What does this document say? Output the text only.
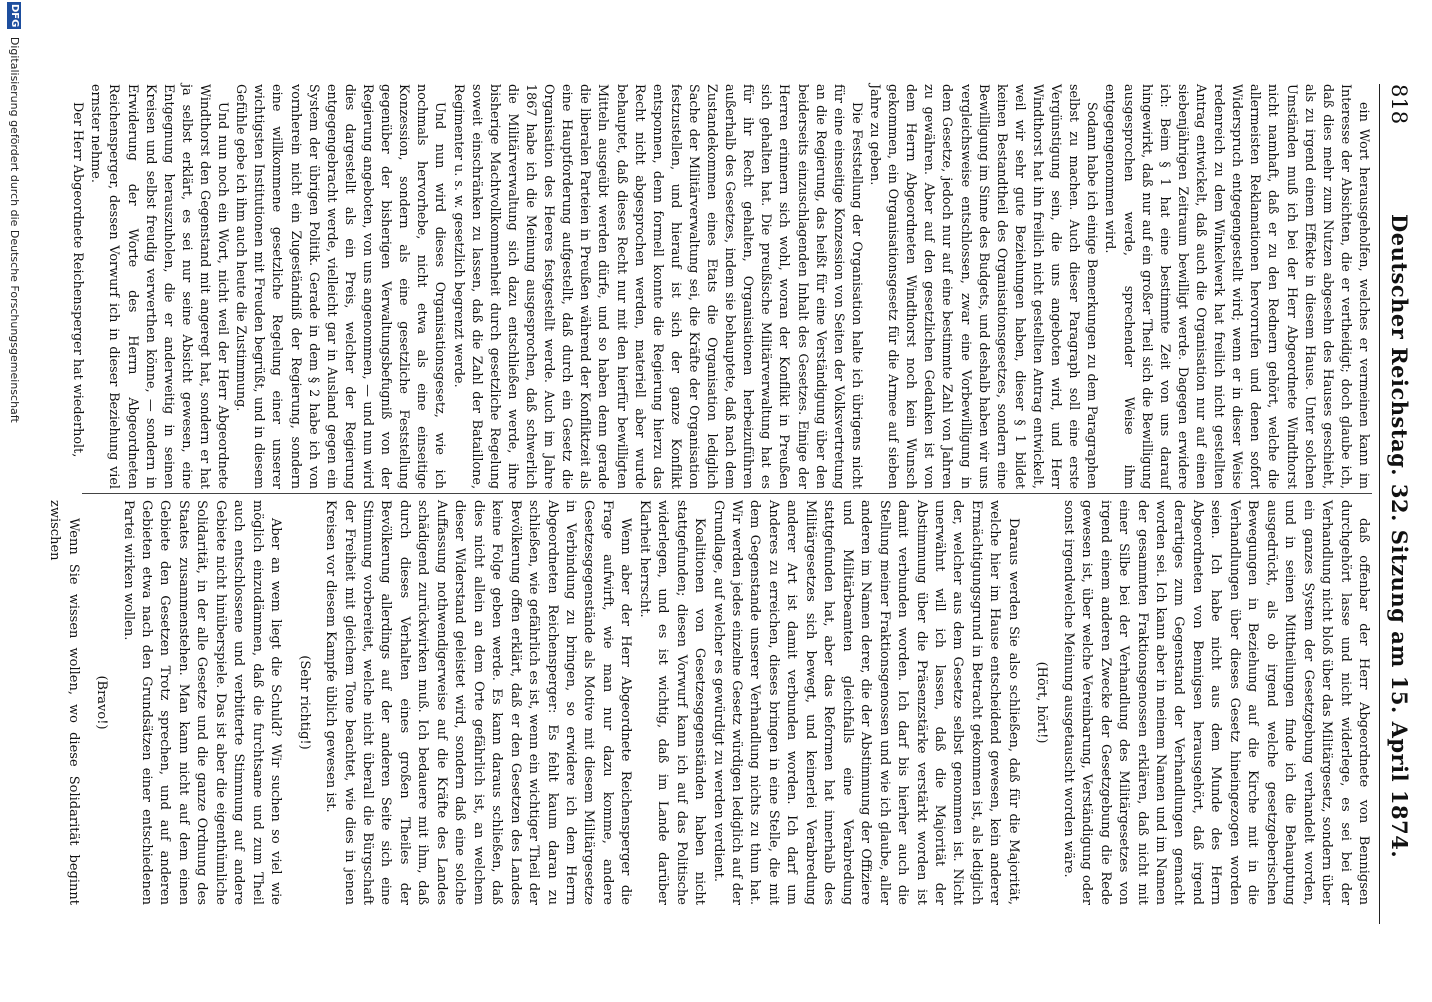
818
Deutscher Reichstag. 32. Sitzung am 15. April 1874.

ein Wort herausgeholfen, welches er vermeinen kann im Interesse der Absichten, die er vertheidigt; doch glaube ich, daß dies mehr zum Nutzen abgesehn des Hauses geschieht, als zu irgend einem Effekte in diesem Hause. Unter solchen Umständen muß ich bei der Herr Abgeordnete Windthorst nicht namhaft, daß er zu den Rednern gehört, welche die allermeisten Reklamationen hervorrufen und denen sofort Widerspruch entgegengestellt wird; wenn er in dieser Weise redenreich zu dem Winkelwerk hat freilich nicht gestellten Antrag entwickelt, daß auch die Organisation nur auf einen siebenjährigen Zeitraum bewilligt werde. Dagegen erwidere ich: Beim § 1 hat eine bestimmte Zeit von uns darauf hingewirkt, daß nur auf ein großer Theil sich die Bewilligung ausgesprochen werde, sprechender Weise ihm entgegengenommen wird.

Sodann habe ich einige Bemerkungen zu dem Paragraphen selbst zu machen. Auch dieser Paragraph soll eine erste Vergünstigung sein, die uns angeboten wird, und Herr Windthorst hat ihn freilich nicht gestellten Antrag entwickelt, weil wir sehr gute Beziehungen haben, dieser § 1 bildet keinen Bestandtheil des Organisationsgesetzes, sondern eine Bewilligung im Sinne des Budgets, und deshalb haben wir uns vergleichsweise entschlossen, zwar eine Vorbewilligung in dem Gesetze, jedoch nur auf eine bestimmte Zahl von Jahren zu gewähren. Aber auf den gesetzlichen Gedanken ist von dem Herrn Abgeordneten Windthorst noch kein Wunsch gekommen, ein Organisationsgesetz für die Armee auf sieben Jahre zu geben.

Die Feststellung der Organisation halte ich übrigens nicht für eine einseitige Konzession von Seiten der Volksvertretung an die Regierung, das heißt für eine Verständigung über den beiderseits einzuschlagenden Inhalt des Gesetzes. Einige der Herren erinnern sich wohl, woran der Konflikt in Preußen sich gehalten hat. Die preußische Militärverwaltung hat es für ihr Recht gehalten, Organisationen herbeizuführen außerhalb des Gesetzes, indem sie behauptete, daß nach dem Zustandekommen eines Etats die Organisation lediglich Sache der Militärverwaltung sei, die Kräfte der Organisation festzustellen, und hierauf ist sich der ganze Konflikt entsponnen, denn formell konnte die Regierung hierzu das Recht nicht abgesprochen werden, materiell aber wurde behauptet, daß dieses Recht nur mit den hierfür bewilligten Mitteln ausgeübt werden dürfe, und so haben denn gerade die liberalen Parteien in Preußen während der Konfliktzeit als eine Hauptforderung aufgestellt, daß durch ein Gesetz die Organisation des Heeres festgestellt werde. Auch im Jahre 1867 habe ich die Meinung ausgesprochen, daß schwerlich die Militärverwaltung sich dazu entschließen werde, ihre bisherige Machtvollkommenheit durch gesetzliche Regelung soweit einschränken zu lassen, daß die Zahl der Bataillone, Regimenter u. s. w. gesetzlich begrenzt werde.

Und nun wird dieses Organisationsgesetz, wie ich nochmals hervorhebe, nicht etwa als eine einseitige Konzession, sondern als eine gesetzliche Feststellung gegenüber der bisherigen Verwaltungsbefugniß von der Regierung angeboten, von uns angenommen, — und nun wird dies dargestellt als ein Preis, welcher der Regierung entgegengebracht werde, vielleicht gar in Ausland gegen ein System der übrigen Politik. Gerade in dem § 2 habe ich von vornherein nicht ein Zugeständniß der Regierung, sondern eine willkommene gesetzliche Regelung einer unserer wichtigsten Institutionen mit Freuden begrüßt, und in diesem Gefühle gebe ich ihm auch heute die Zustimmung.

Und nun noch ein Wort, nicht weil der Herr Abgeordnete Windthorst den Gegenstand mit angeregt hat, sondern er hat ja selbst erklärt, es sei nur seine Absicht gewesen, eine Entgegnung herauszuholen, die er anderweitig in seinen Kreisen und selbst freudig verwerthen könne, — sondern in Erwiderung der Worte des Herrn Abgeordneten Reichensperger, dessen Vorwurf ich in dieser Beziehung viel ernster nehme.

Der Herr Abgeordnete Reichensperger hat wiederholt,

daß offenbar der Herr Abgeordnete von Bennigsen durchgehört lasse und nicht widerlege, es sei bei der Verhandlung nicht bloß über das Militärgesetz, sondern über ein ganzes System der Gesetzgebung verhandelt worden, und in seinen Mittheilungen finde ich die Behauptung ausgedrückt, als ob irgend welche gesetzgeberischen Bewegungen in Beziehung auf die Kirche mit in die Verhandlungen über dieses Gesetz hineingezogen worden seien. Ich habe nicht aus dem Munde des Herrn Abgeordneten von Bennigsen herausgehört, daß irgend derartiges zum Gegenstand der Verhandlungen gemacht worden sei. Ich kann aber in meinem Namen und im Namen der gesammten Fraktionsgenossen erklären, daß nicht mit einer Silbe bei der Verhandlung des Militärgesetzes von irgend einem anderen Zwecke der Gesetzgebung die Rede gewesen ist, über welche Vereinbarung, Verständigung oder sonst irgendwelche Meinung ausgetauscht worden wäre.

(Hört, hört!)

Daraus werden Sie also schließen, daß für die Majorität, welche hier im Hause entscheidend gewesen, kein anderer Ermächtigungsgrund in Betracht gekommen ist, als lediglich der, welcher aus dem Gesetze selbst genommen ist. Nicht unerwähnt will ich lassen, daß die Majorität der Abstimmung über die Präsenzstärke verstärkt worden ist damit verbunden worden. Ich darf bis hierher auch die Stellung meiner Fraktionsgenossen und wie ich glaube, aller anderen im Namen derer, die der Abstimmung der Offiziere und Militärbeamten gleichfalls eine Verabredung stattgefunden hat, aber das Reformen hat innerhalb des Militärgesetzes sich bewegt, und keinerlei Verabredung anderer Art ist damit verbunden worden. Ich darf um Anderes zu erreichen, dieses bringen in eine Stelle, die mit dem Gegenstande unserer Verhandlung nichts zu thun hat. Wir werden jedes einzelne Gesetz würdigen lediglich auf der Grundlage, auf welcher es gewürdigt zu werden verdient.

Koalitionen von Gesetzesgegenständen haben nicht stattgefunden; diesen Vorwurf kann ich auf das Politische widerlegen, und es ist wichtig, daß im Lande darüber Klarheit herrscht.

Wenn aber der Herr Abgeordnete Reichensperger die Frage aufwirft, wie man nur dazu komme, andere Gesetzesgegenstände als Motive mit diesem Militärgesetze in Verbindung zu bringen, so erwidere ich dem Herrn Abgeordneten Reichensperger: Es fehlt kaum daran zu schließen, wie gefährlich es ist, wenn ein wichtiger Theil der Bevölkerung offen erklärt, daß er den Gesetzen des Landes keine Folge geben werde. Es kann daraus schließen, daß dies nicht allein an dem Orte gefährlich ist, an welchem dieser Widerstand geleistet wird, sondern daß eine solche Auffassung nothwendigerweise auf die Kräfte des Landes schädigend zurückwirken muß. Ich bedauere mit ihm, daß durch dieses Verhalten eines großen Theiles der Bevölkerung allerdings auf der anderen Seite sich eine Stimmung vorbereitet, welche nicht überall die Bürgschaft der Freiheit mit gleichem Tone beachtet, wie dies in jenen Kreisen vor diesem Kampfe üblich gewesen ist.

(Sehr richtig!)

Aber an wem liegt die Schuld? Wir suchen so viel wie möglich einzudämmen, daß die furchtsame und zum Theil auch entschlossene und verbitterte Stimmung auf andere Gebiete nicht hinüberspiele. Das ist aber die eigenthümliche Solidarität, in der alle Gesetze und die ganze Ordnung des Staates zusammenstehen. Man kann nicht auf dem einen Gebiete den Gesetzen Trotz sprechen, und auf anderen Gebieten etwa nach den Grundsätzen einer entschiedenen Partei wirken wollen.

(Bravo!)

Wenn Sie wissen wollen, wo diese Solidarität beginnt zwischen

DFG Digitalisierung gefördert durch die Deutsche Forschungsgemeinschaft
